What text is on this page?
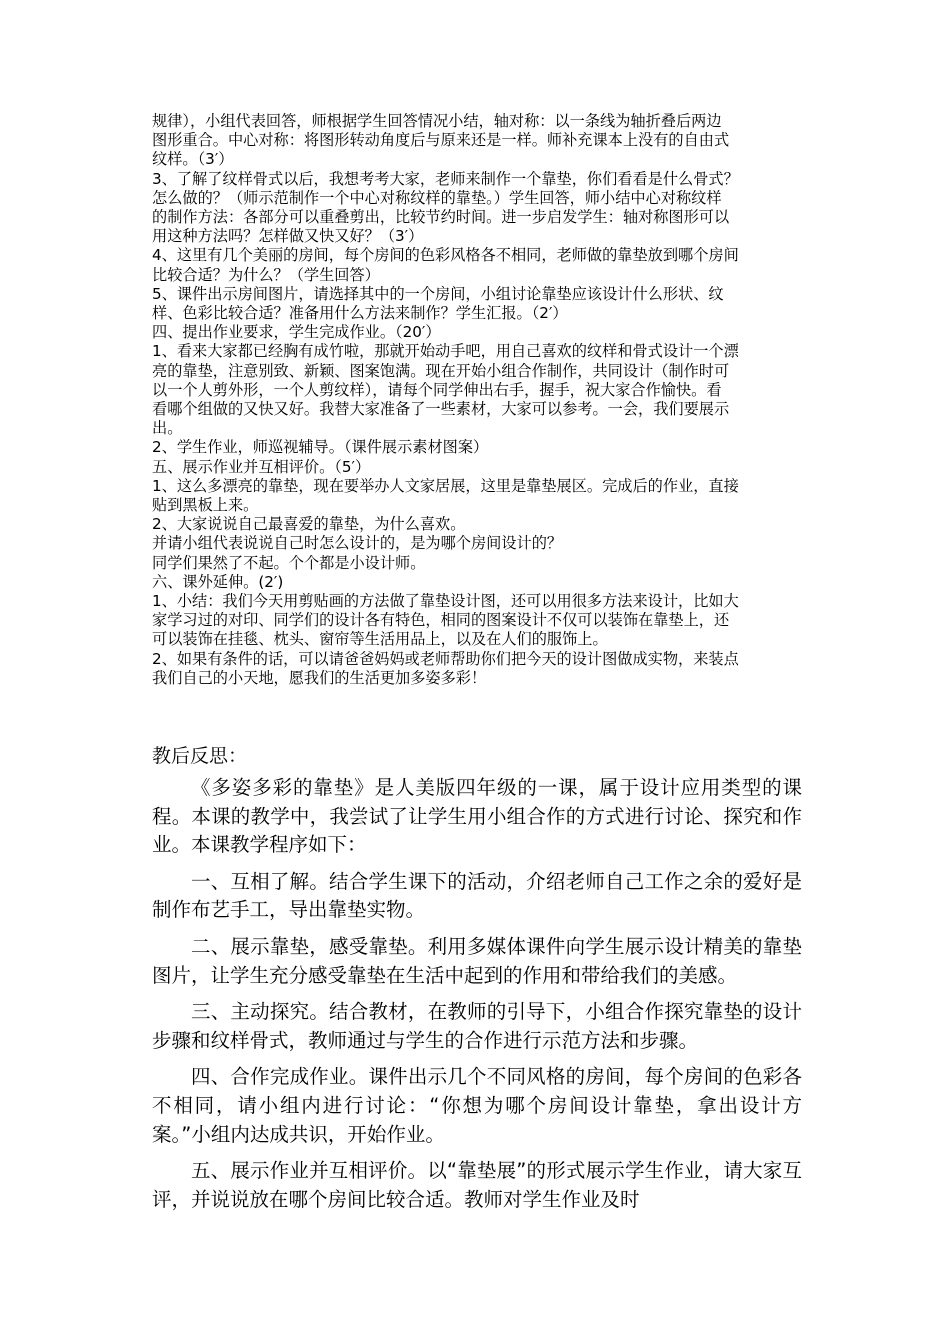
规律），小组代表回答，师根据学生回答情况小结，轴对称：以一条线为轴折叠后两边

图形重合。中心对称：将图形转动角度后与原来还是一样。师补充课本上没有的自由式

纹样。（3′）

3、了解了纹样骨式以后，我想考考大家，老师来制作一个靠垫，你们看看是什么骨式？

怎么做的？（师示范制作一个中心对称纹样的靠垫。）学生回答，师小结中心对称纹样

的制作方法：各部分可以重叠剪出，比较节约时间。进一步启发学生：轴对称图形可以

用这种方法吗？怎样做又快又好？（3′）

4、这里有几个美丽的房间，每个房间的色彩风格各不相同，老师做的靠垫放到哪个房间

比较合适？为什么？（学生回答）

5、课件出示房间图片，请选择其中的一个房间，小组讨论靠垫应该设计什么形状、纹

样、色彩比较合适？准备用什么方法来制作？学生汇报。（2′）

四、提出作业要求，学生完成作业。（20′）

1、看来大家都已经胸有成竹啦，那就开始动手吧，用自己喜欢的纹样和骨式设计一个漂

亮的靠垫，注意别致、新颖、图案饱满。现在开始小组合作制作，共同设计（制作时可

以一个人剪外形，一个人剪纹样），请每个同学伸出右手，握手，祝大家合作愉快。看

看哪个组做的又快又好。我替大家准备了一些素材，大家可以参考。一会，我们要展示

出。

2、学生作业，师巡视辅导。（课件展示素材图案）

五、展示作业并互相评价。（5′）

1、这么多漂亮的靠垫，现在要举办人文家居展，这里是靠垫展区。完成后的作业，直接

贴到黑板上来。

2、大家说说自己最喜爱的靠垫，为什么喜欢。

并请小组代表说说自己时怎么设计的，是为哪个房间设计的？

同学们果然了不起。个个都是小设计师。

六、课外延伸。(2′)

1、小结：我们今天用剪贴画的方法做了靠垫设计图，还可以用很多方法来设计，比如大

家学习过的对印、同学们的设计各有特色，相同的图案设计不仅可以装饰在靠垫上，还

可以装饰在挂毯、枕头、窗帘等生活用品上，以及在人们的服饰上。

2、如果有条件的话，可以请爸爸妈妈或老师帮助你们把今天的设计图做成实物，来装点

我们自己的小天地，愿我们的生活更加多姿多彩！

教后反思：

《多姿多彩的靠垫》是人美版四年级的一课，属于设计应用类型的课程。本课的教学中，我尝试了让学生用小组合作的方式进行讨论、探究和作业。本课教学程序如下：

一、互相了解。结合学生课下的活动，介绍老师自己工作之余的爱好是制作布艺手工，导出靠垫实物。

二、展示靠垫，感受靠垫。利用多媒体课件向学生展示设计精美的靠垫图片，让学生充分感受靠垫在生活中起到的作用和带给我们的美感。

三、主动探究。结合教材，在教师的引导下，小组合作探究靠垫的设计步骤和纹样骨式，教师通过与学生的合作进行示范方法和步骤。

四、合作完成作业。课件出示几个不同风格的房间，每个房间的色彩各不相同，请小组内进行讨论：“你想为哪个房间设计靠垫，拿出设计方案。”小组内达成共识，开始作业。

五、展示作业并互相评价。以“靠垫展”的形式展示学生作业，请大家互评，并说说放在哪个房间比较合适。教师对学生作业及时
